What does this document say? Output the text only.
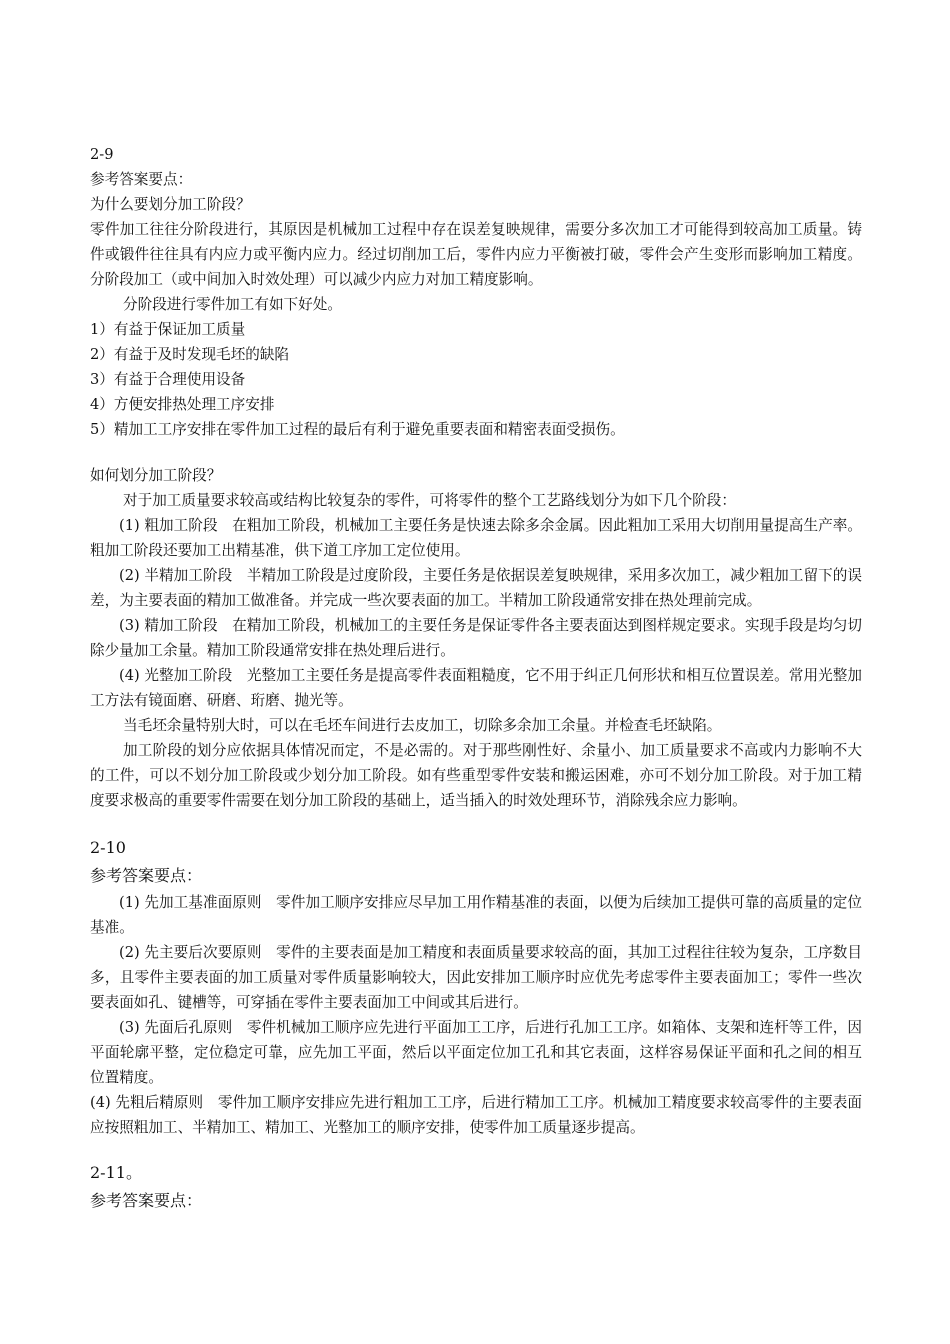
2-9

参考答案要点：

为什么要划分加工阶段？

零件加工往往分阶段进行，其原因是机械加工过程中存在误差复映规律，需要分多次加工才可能得到较高加工质量。铸件或锻件往往具有内应力或平衡内应力。经过切削加工后，零件内应力平衡被打破，零件会产生变形而影响加工精度。分阶段加工（或中间加入时效处理）可以减少内应力对加工精度影响。

分阶段进行零件加工有如下好处。

1）有益于保证加工质量

2）有益于及时发现毛坯的缺陷

3）有益于合理使用设备

4）方便安排热处理工序安排

5）精加工工序安排在零件加工过程的最后有利于避免重要表面和精密表面受损伤。

如何划分加工阶段？

对于加工质量要求较高或结构比较复杂的零件，可将零件的整个工艺路线划分为如下几个阶段：

(1) 粗加工阶段　在粗加工阶段，机械加工主要任务是快速去除多余金属。因此粗加工采用大切削用量提高生产率。粗加工阶段还要加工出精基准，供下道工序加工定位使用。

(2) 半精加工阶段　半精加工阶段是过度阶段，主要任务是依据误差复映规律，采用多次加工，减少粗加工留下的误差，为主要表面的精加工做准备。并完成一些次要表面的加工。半精加工阶段通常安排在热处理前完成。

(3) 精加工阶段　在精加工阶段，机械加工的主要任务是保证零件各主要表面达到图样规定要求。实现手段是均匀切除少量加工余量。精加工阶段通常安排在热处理后进行。

(4) 光整加工阶段　光整加工主要任务是提高零件表面粗糙度，它不用于纠正几何形状和相互位置误差。常用光整加工方法有镜面磨、研磨、珩磨、抛光等。

当毛坯余量特别大时，可以在毛坯车间进行去皮加工，切除多余加工余量。并检查毛坯缺陷。

加工阶段的划分应依据具体情况而定，不是必需的。对于那些刚性好、余量小、加工质量要求不高或内力影响不大的工件，可以不划分加工阶段或少划分加工阶段。如有些重型零件安装和搬运困难，亦可不划分加工阶段。对于加工精度要求极高的重要零件需要在划分加工阶段的基础上，适当插入的时效处理环节，消除残余应力影响。

2-10

参考答案要点：

(1) 先加工基准面原则　零件加工顺序安排应尽早加工用作精基准的表面，以便为后续加工提供可靠的高质量的定位基准。

(2) 先主要后次要原则　零件的主要表面是加工精度和表面质量要求较高的面，其加工过程往往较为复杂，工序数目多，且零件主要表面的加工质量对零件质量影响较大，因此安排加工顺序时应优先考虑零件主要表面加工；零件一些次要表面如孔、键槽等，可穿插在零件主要表面加工中间或其后进行。

(3) 先面后孔原则　零件机械加工顺序应先进行平面加工工序，后进行孔加工工序。如箱体、支架和连杆等工件，因平面轮廓平整，定位稳定可靠，应先加工平面，然后以平面定位加工孔和其它表面，这样容易保证平面和孔之间的相互位置精度。

(4) 先粗后精原则　零件加工顺序安排应先进行粗加工工序，后进行精加工工序。机械加工精度要求较高零件的主要表面应按照粗加工、半精加工、精加工、光整加工的顺序安排，使零件加工质量逐步提高。

2-11。

参考答案要点：
